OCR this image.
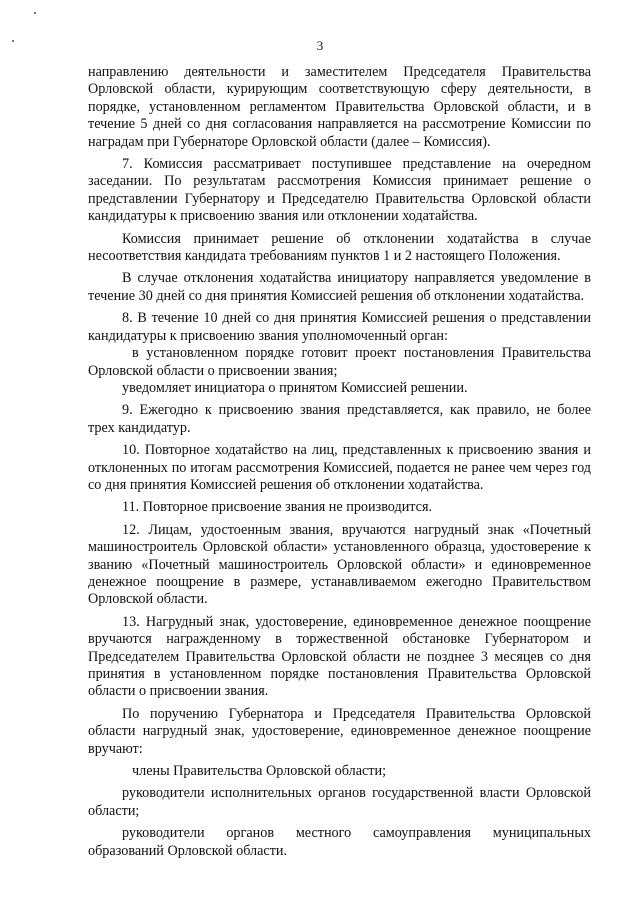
3

направлению деятельности и заместителем Председателя Правительства Орловской области, курирующим соответствующую сферу деятельности, в порядке, установленном регламентом Правительства Орловской области, и в течение 5 дней со дня согласования направляется на рассмотрение Комиссии по наградам при Губернаторе Орловской области (далее – Комиссия).

7. Комиссия рассматривает поступившее представление на очередном заседании. По результатам рассмотрения Комиссия принимает решение о представлении Губернатору и Председателю Правительства Орловской области кандидатуры к присвоению звания или отклонении ходатайства.

Комиссия принимает решение об отклонении ходатайства в случае несоответствия кандидата требованиям пунктов 1 и 2 настоящего Положения.

В случае отклонения ходатайства инициатору направляется уведомление в течение 30 дней со дня принятия Комиссией решения об отклонении ходатайства.

8. В течение 10 дней со дня принятия Комиссией решения о представлении кандидатуры к присвоению звания уполномоченный орган:

в установленном порядке готовит проект постановления Правительства Орловской области о присвоении звания;

уведомляет инициатора о принятом Комиссией решении.

9. Ежегодно к присвоению звания представляется, как правило, не более трех кандидатур.

10. Повторное ходатайство на лиц, представленных к присвоению звания и отклоненных по итогам рассмотрения Комиссией, подается не ранее чем через год со дня принятия Комиссией решения об отклонении ходатайства.

11. Повторное присвоение звания не производится.

12. Лицам, удостоенным звания, вручаются нагрудный знак «Почетный машиностроитель Орловской области» установленного образца, удостоверение к званию «Почетный машиностроитель Орловской области» и единовременное денежное поощрение в размере, устанавливаемом ежегодно Правительством Орловской области.

13. Нагрудный знак, удостоверение, единовременное денежное поощрение вручаются награжденному в торжественной обстановке Губернатором и Председателем Правительства Орловской области не позднее 3 месяцев со дня принятия в установленном порядке постановления Правительства Орловской области о присвоении звания.

По поручению Губернатора и Председателя Правительства Орловской области нагрудный знак, удостоверение, единовременное денежное поощрение вручают:

члены Правительства Орловской области;

руководители исполнительных органов государственной власти Орловской области;

руководители органов местного самоуправления муниципальных образований Орловской области.
